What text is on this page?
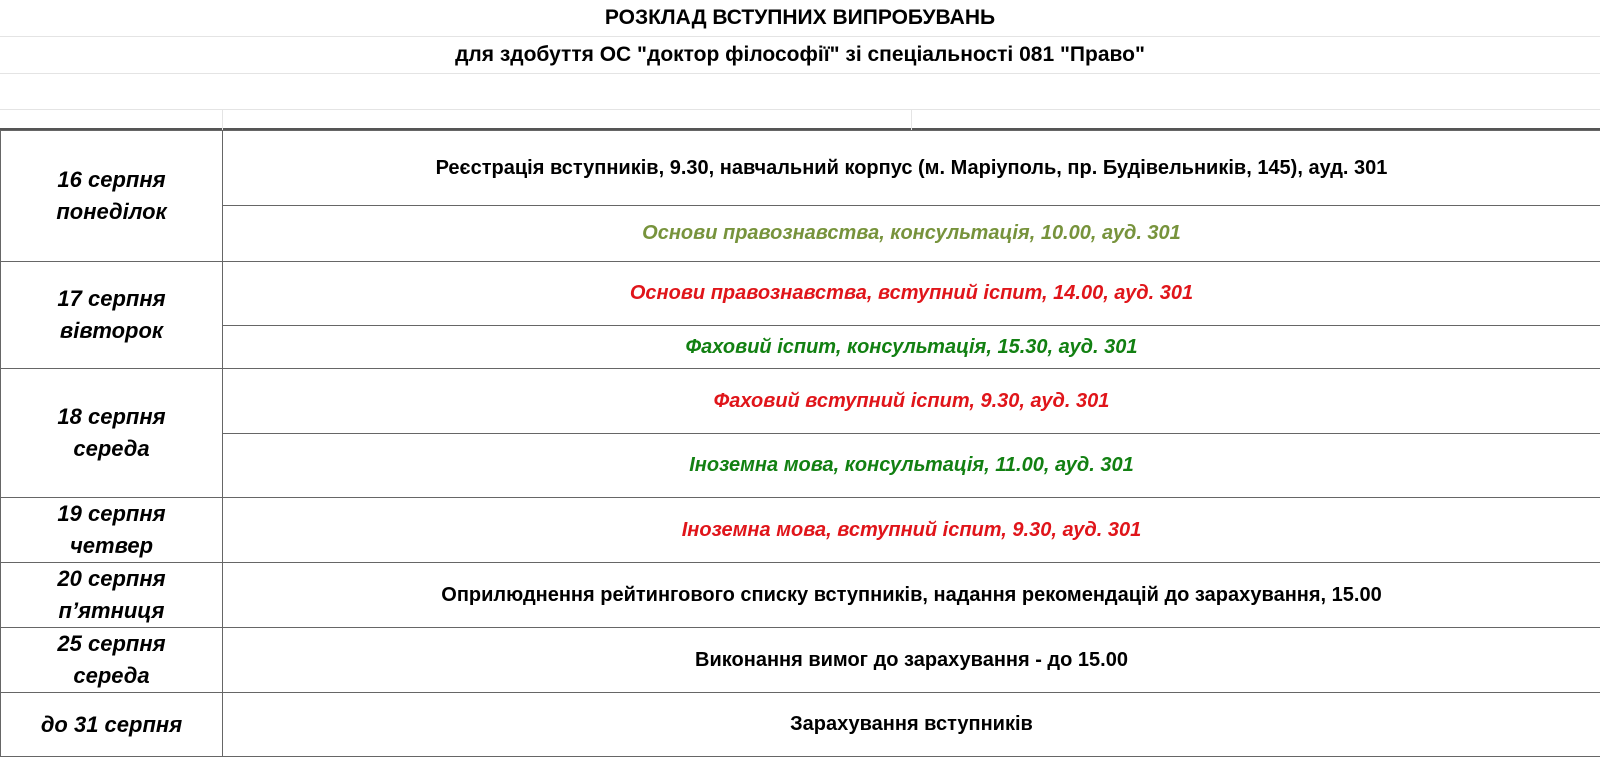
РОЗКЛАД ВСТУПНИХ ВИПРОБУВАНЬ
для здобуття ОС "доктор філософії" зі спеціальності 081 "Право"
16 серпня
понеділок	Реєстрація вступників, 9.30, навчальний корпус (м. Маріуполь, пр. Будівельників, 145), ауд. 301
	Основи правознавства, консультація, 10.00, ауд. 301

17 серпня
вівторок	Основи правознавства, вступний іспит, 14.00, ауд. 301
	Фаховий іспит, консультація, 15.30, ауд. 301

18 серпня
середа	Фаховий вступний іспит, 9.30, ауд. 301
	Іноземна мова, консультація, 11.00, ауд. 301

19 серпня
четвер	Іноземна мова, вступний іспит, 9.30, ауд. 301

20 серпня
п’ятниця	Оприлюднення рейтингового списку вступників, надання рекомендацій до зарахування, 15.00

25 серпня
середа	Виконання вимог до зарахування - до 15.00

до 31 серпня	Зарахування вступників
